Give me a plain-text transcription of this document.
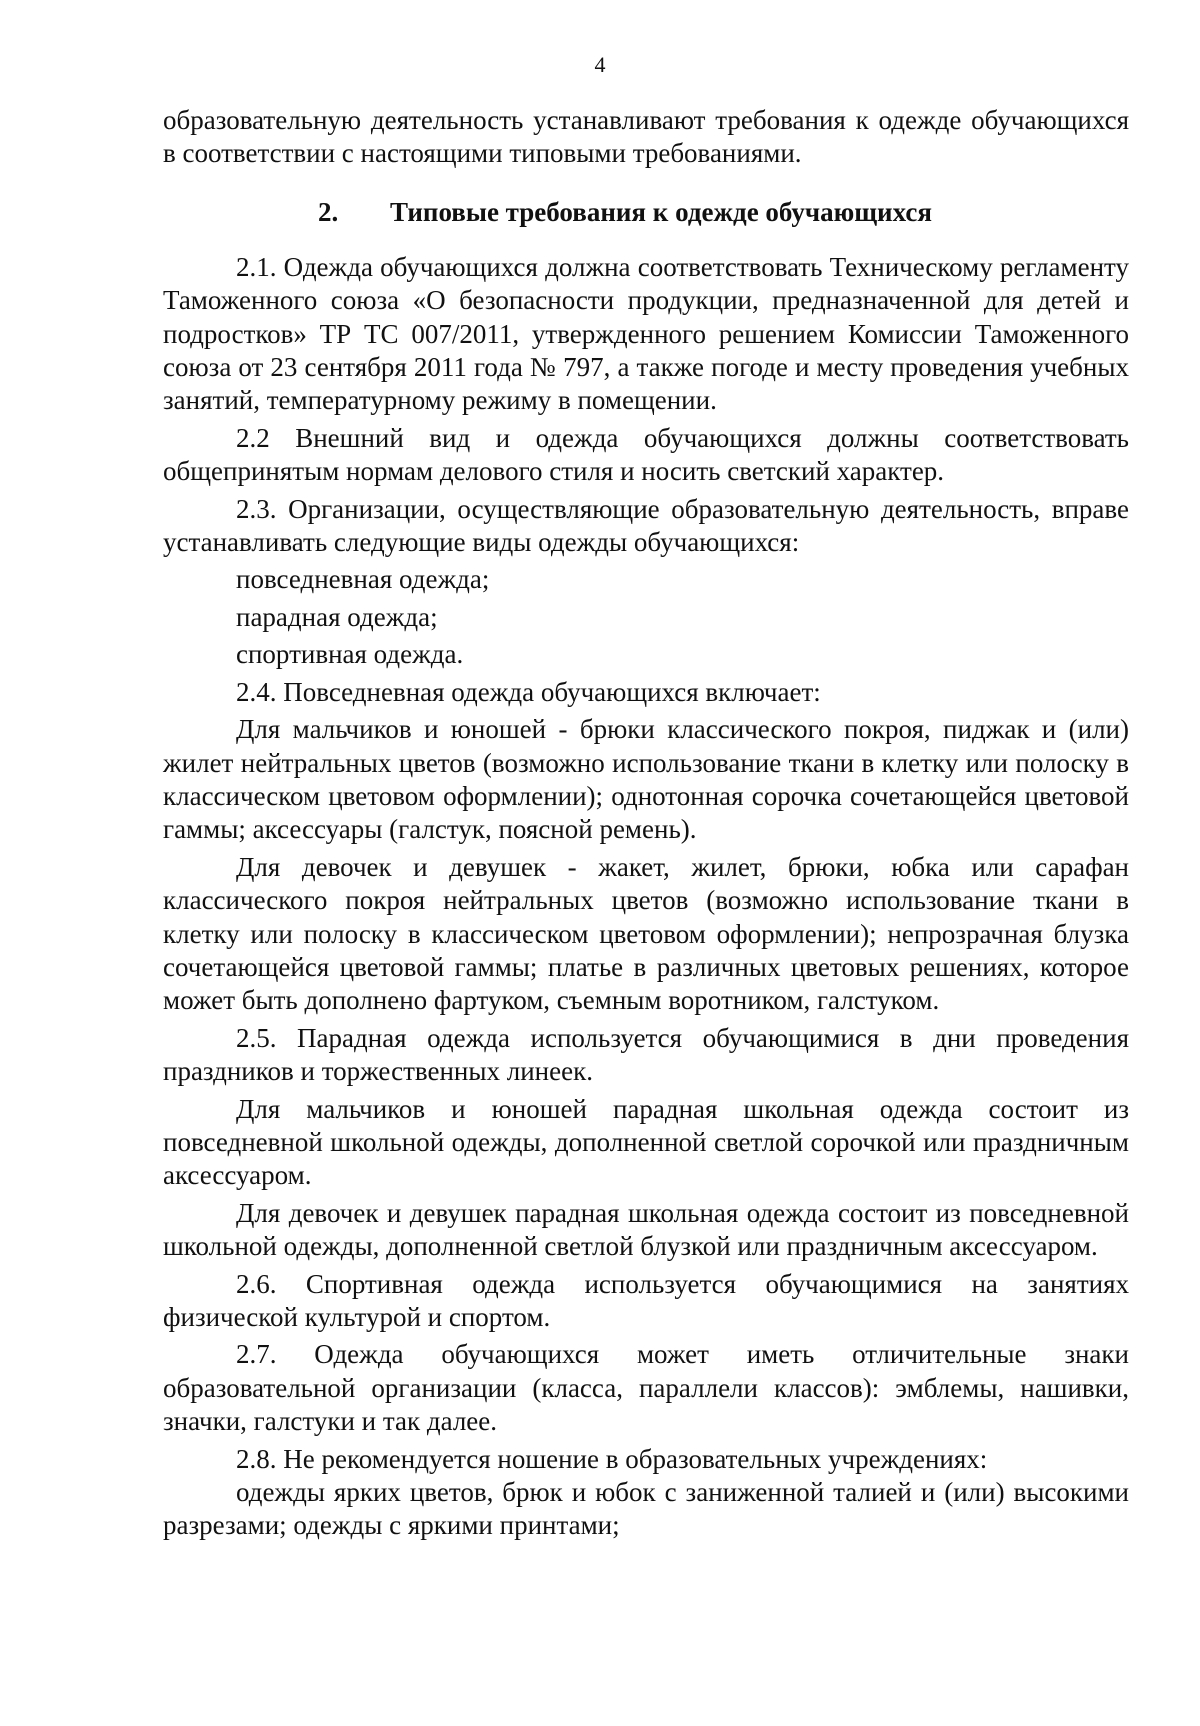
4

образовательную деятельность устанавливают требования к одежде обучающихся в соответствии с настоящими типовыми требованиями.

2. Типовые требования к одежде обучающихся

2.1. Одежда обучающихся должна соответствовать Техническому регламенту Таможенного союза «О безопасности продукции, предназначенной для детей и подростков» ТР ТС 007/2011, утвержденного решением Комиссии Таможенного союза от 23 сентября 2011 года № 797, а также погоде и месту проведения учебных занятий, температурному режиму в помещении.

2.2 Внешний вид и одежда обучающихся должны соответствовать общепринятым нормам делового стиля и носить светский характер.

2.3. Организации, осуществляющие образовательную деятельность, вправе устанавливать следующие виды одежды обучающихся:

повседневная одежда;

парадная одежда;

спортивная одежда.

2.4. Повседневная одежда обучающихся включает:

Для мальчиков и юношей - брюки классического покроя, пиджак и (или) жилет нейтральных цветов (возможно использование ткани в клетку или полоску в классическом цветовом оформлении); однотонная сорочка сочетающейся цветовой гаммы; аксессуары (галстук, поясной ремень).

Для девочек и девушек - жакет, жилет, брюки, юбка или сарафан классического покроя нейтральных цветов (возможно использование ткани в клетку или полоску в классическом цветовом оформлении); непрозрачная блузка сочетающейся цветовой гаммы; платье в различных цветовых решениях, которое может быть дополнено фартуком, съемным воротником, галстуком.

2.5. Парадная одежда используется обучающимися в дни проведения праздников и торжественных линеек.

Для мальчиков и юношей парадная школьная одежда состоит из повседневной школьной одежды, дополненной светлой сорочкой или праздничным аксессуаром.

Для девочек и девушек парадная школьная одежда состоит из повседневной школьной одежды, дополненной светлой блузкой или праздничным аксессуаром.

2.6. Спортивная одежда используется обучающимися на занятиях физической культурой и спортом.

2.7. Одежда обучающихся может иметь отличительные знаки образовательной организации (класса, параллели классов): эмблемы, нашивки, значки, галстуки и так далее.

2.8. Не рекомендуется ношение в образовательных учреждениях:

одежды ярких цветов, брюк и юбок с заниженной талией и (или) высокими разрезами; одежды с яркими принтами;
